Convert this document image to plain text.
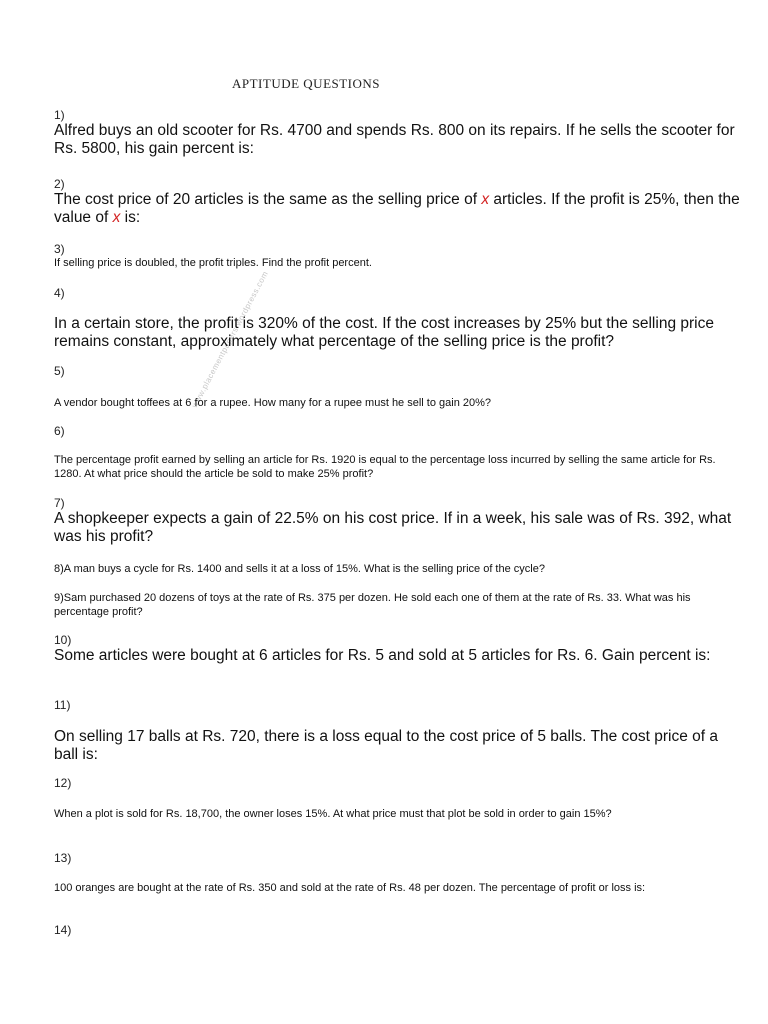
APTITUDE QUESTIONS
www.placementpapers.wordpress.com
1)
Alfred buys an old scooter for Rs. 4700 and spends Rs. 800 on its repairs. If he sells the scooter for Rs. 5800, his gain percent is:
2)
The cost price of 20 articles is the same as the selling price of x articles. If the profit is 25%, then the value of x is:
3)
If selling price is doubled, the profit triples. Find the profit percent.
4)
In a certain store, the profit is 320% of the cost. If the cost increases by 25% but the selling price remains constant, approximately what percentage of the selling price is the profit?
5)
A vendor bought toffees at 6 for a rupee. How many for a rupee must he sell to gain 20%?
6)
The percentage profit earned by selling an article for Rs. 1920 is equal to the percentage loss incurred by selling the same article for Rs. 1280. At what price should the article be sold to make 25% profit?
7)
A shopkeeper expects a gain of 22.5% on his cost price. If in a week, his sale was of Rs. 392, what was his profit?
8)A man buys a cycle for Rs. 1400 and sells it at a loss of 15%. What is the selling price of the cycle?
9)Sam purchased 20 dozens of toys at the rate of Rs. 375 per dozen. He sold each one of them at the rate of Rs. 33. What was his percentage profit?
10)
Some articles were bought at 6 articles for Rs. 5 and sold at 5 articles for Rs. 6. Gain percent is:
11)
On selling 17 balls at Rs. 720, there is a loss equal to the cost price of 5 balls. The cost price of a ball is:
12)
When a plot is sold for Rs. 18,700, the owner loses 15%. At what price must that plot be sold in order to gain 15%?
13)
100 oranges are bought at the rate of Rs. 350 and sold at the rate of Rs. 48 per dozen. The percentage of profit or loss is:
14)
